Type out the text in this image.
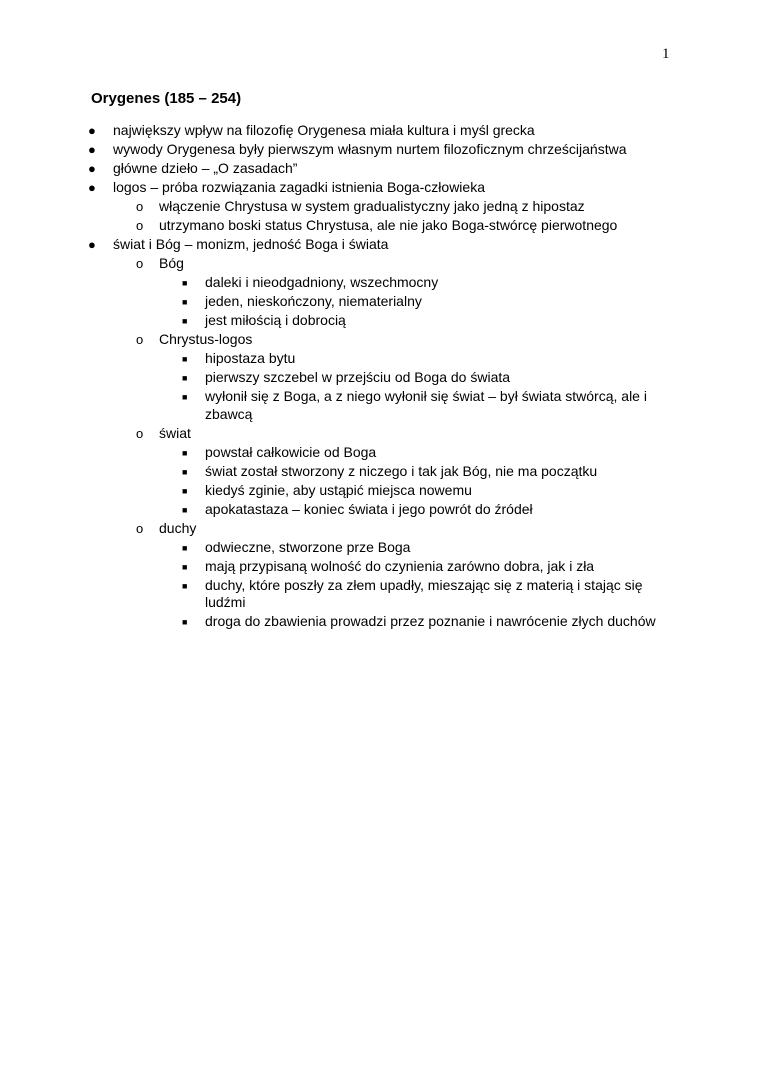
1
Orygenes (185 – 254)
● największy wpływ na filozofię Orygenesa miała kultura i myśl grecka
● wywody Orygenesa były pierwszym własnym nurtem filozoficznym chrześcijaństwa
● główne dzieło – „O zasadach”
● logos – próba rozwiązania zagadki istnienia Boga-człowieka
o włączenie Chrystusa w system gradualistyczny jako jedną z hipostaz
o utrzymano boski status Chrystusa, ale nie jako Boga-stwórcę pierwotnego
● świat i Bóg – monizm, jedność Boga i świata
o Bóg
■ daleki i nieodgadniony, wszechmocny
■ jeden, nieskończony, niematerialny
■ jest miłością i dobrocią
o Chrystus-logos
■ hipostaza bytu
■ pierwszy szczebel w przejściu od Boga do świata
■ wyłonił się z Boga, a z niego wyłonił się świat – był świata stwórcą, ale i zbawcą
o świat
■ powstał całkowicie od Boga
■ świat został stworzony z niczego i tak jak Bóg, nie ma początku
■ kiedyś zginie, aby ustąpić miejsca nowemu
■ apokatastaza – koniec świata i jego powrót do źródeł
o duchy
■ odwieczne, stworzone prze Boga
■ mają przypisaną wolność do czynienia zarówno dobra, jak i zła
■ duchy, które poszły za złem upadły, mieszając się z materią i stając się ludźmi
■ droga do zbawienia prowadzi przez poznanie i nawrócenie złych duchów
